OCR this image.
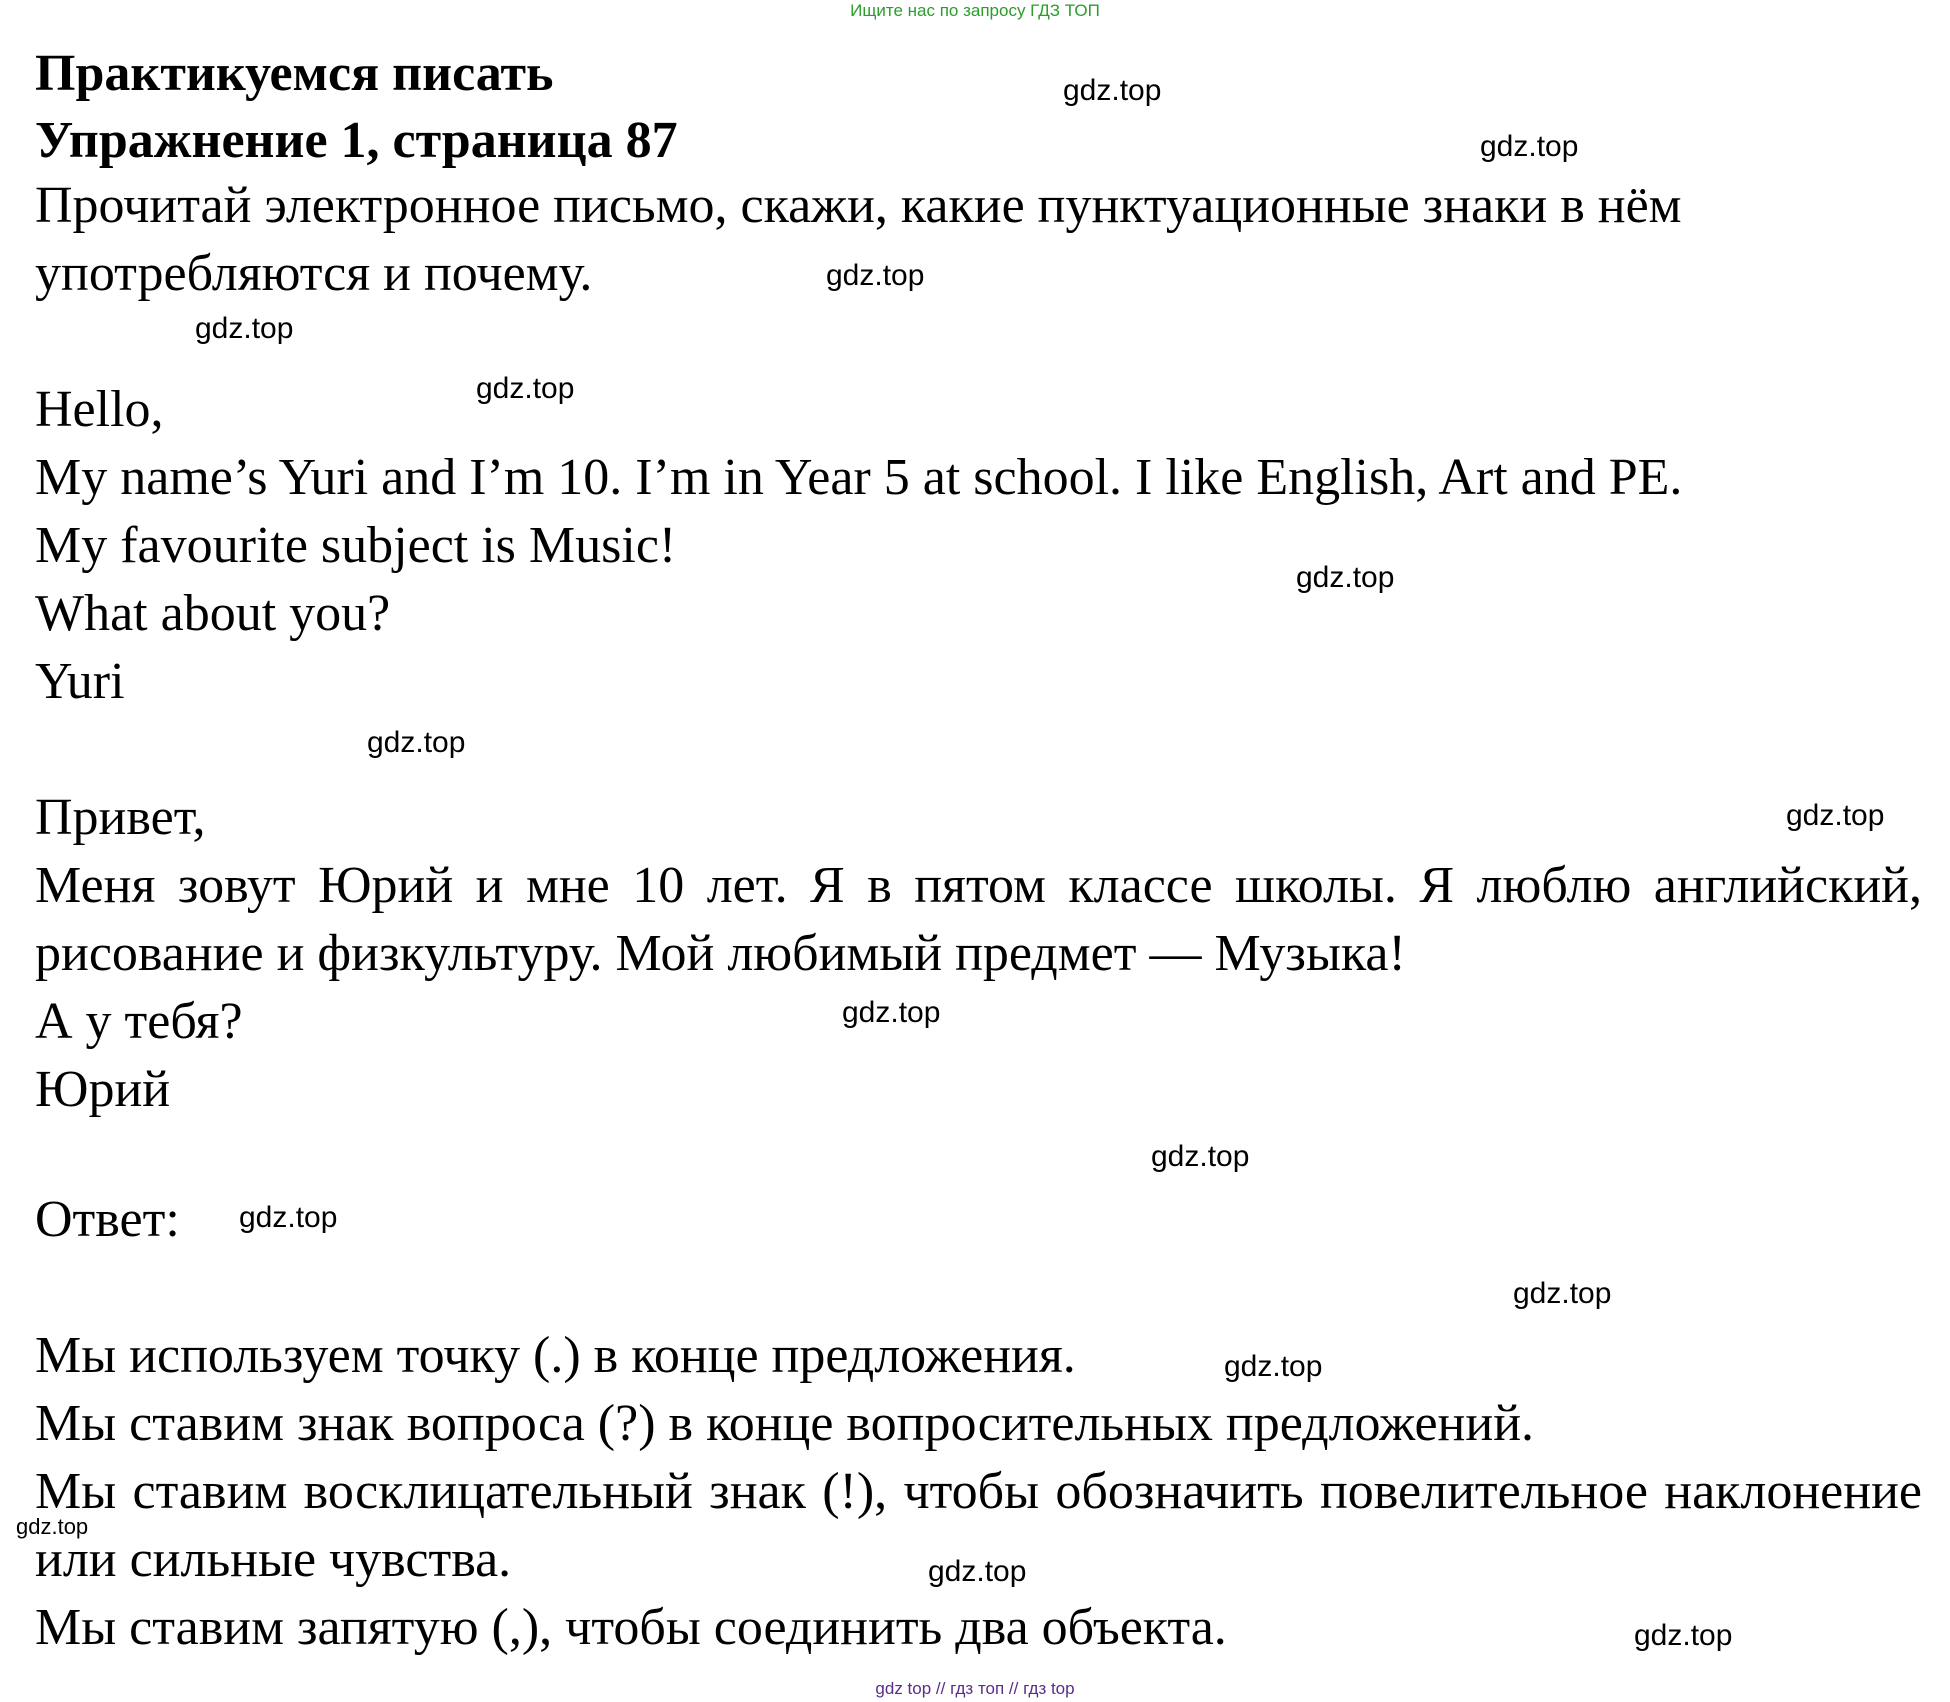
Ищите нас по запросу ГДЗ ТОП
Практикуемся писать
Упражнение 1, страница 87
Прочитай электронное письмо, скажи, какие пунктуационные знаки в нём
употребляются и почему.
Hello,
My name’s Yuri and I’m 10. I’m in Year 5 at school. I like English, Art and PE.
My favourite subject is Music!
What about you?
Yuri
Привет,
Меня зовут Юрий и мне 10 лет. Я в пятом классе школы. Я люблю английский, рисование и физкультуру. Мой любимый предмет — Музыка!
А у тебя?
Юрий
Ответ:
Мы используем точку (.) в конце предложения.
Мы ставим знак вопроса (?) в конце вопросительных предложений.
Мы ставим восклицательный знак (!), чтобы обозначить повелительное наклонение или сильные чувства.
Мы ставим запятую (,), чтобы соединить два объекта.
gdz.top
gdz.top
gdz.top
gdz.top
gdz.top
gdz.top
gdz.top
gdz.top
gdz.top
gdz.top
gdz.top
gdz.top
gdz.top
gdz.top
gdz.top
gdz.top
gdz top // гдз топ // гдз top
